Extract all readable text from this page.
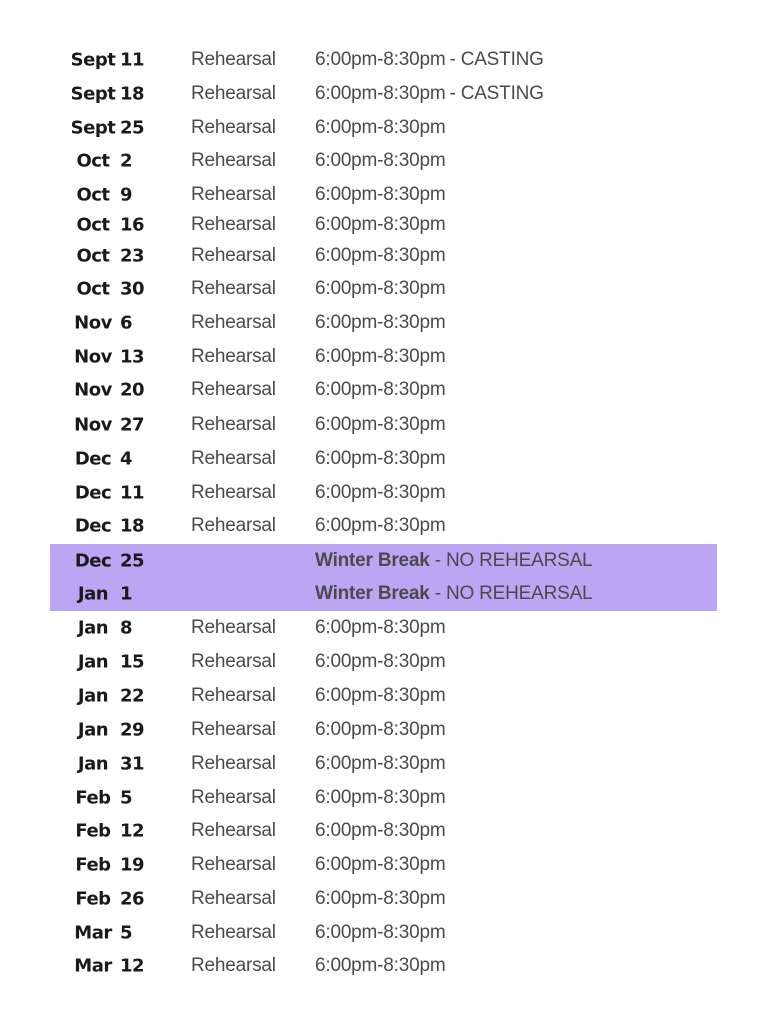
Sept 11	Rehearsal 6:00pm-8:30pm - CASTING
Sept 18	Rehearsal 6:00pm-8:30pm - CASTING
Sept 25	Rehearsal 6:00pm-8:30pm
Oct 2	Rehearsal 6:00pm-8:30pm
Oct 9	Rehearsal 6:00pm-8:30pm
Oct 16	Rehearsal 6:00pm-8:30pm
Oct 23	Rehearsal 6:00pm-8:30pm
Oct 30	Rehearsal 6:00pm-8:30pm
Nov 6	Rehearsal 6:00pm-8:30pm
Nov 13	Rehearsal 6:00pm-8:30pm
Nov 20	Rehearsal 6:00pm-8:30pm
Nov 27	Rehearsal 6:00pm-8:30pm
Dec 4	Rehearsal 6:00pm-8:30pm
Dec 11	Rehearsal 6:00pm-8:30pm
Dec 18	Rehearsal 6:00pm-8:30pm
Dec 25	Winter Break - NO REHEARSAL
Jan 1	Winter Break - NO REHEARSAL
Jan 8	Rehearsal 6:00pm-8:30pm
Jan 15	Rehearsal 6:00pm-8:30pm
Jan 22	Rehearsal 6:00pm-8:30pm
Jan 29	Rehearsal 6:00pm-8:30pm
Jan 31	Rehearsal 6:00pm-8:30pm
Feb 5	Rehearsal 6:00pm-8:30pm
Feb 12	Rehearsal 6:00pm-8:30pm
Feb 19	Rehearsal 6:00pm-8:30pm
Feb 26	Rehearsal 6:00pm-8:30pm
Mar 5	Rehearsal 6:00pm-8:30pm
Mar 12	Rehearsal 6:00pm-8:30pm
